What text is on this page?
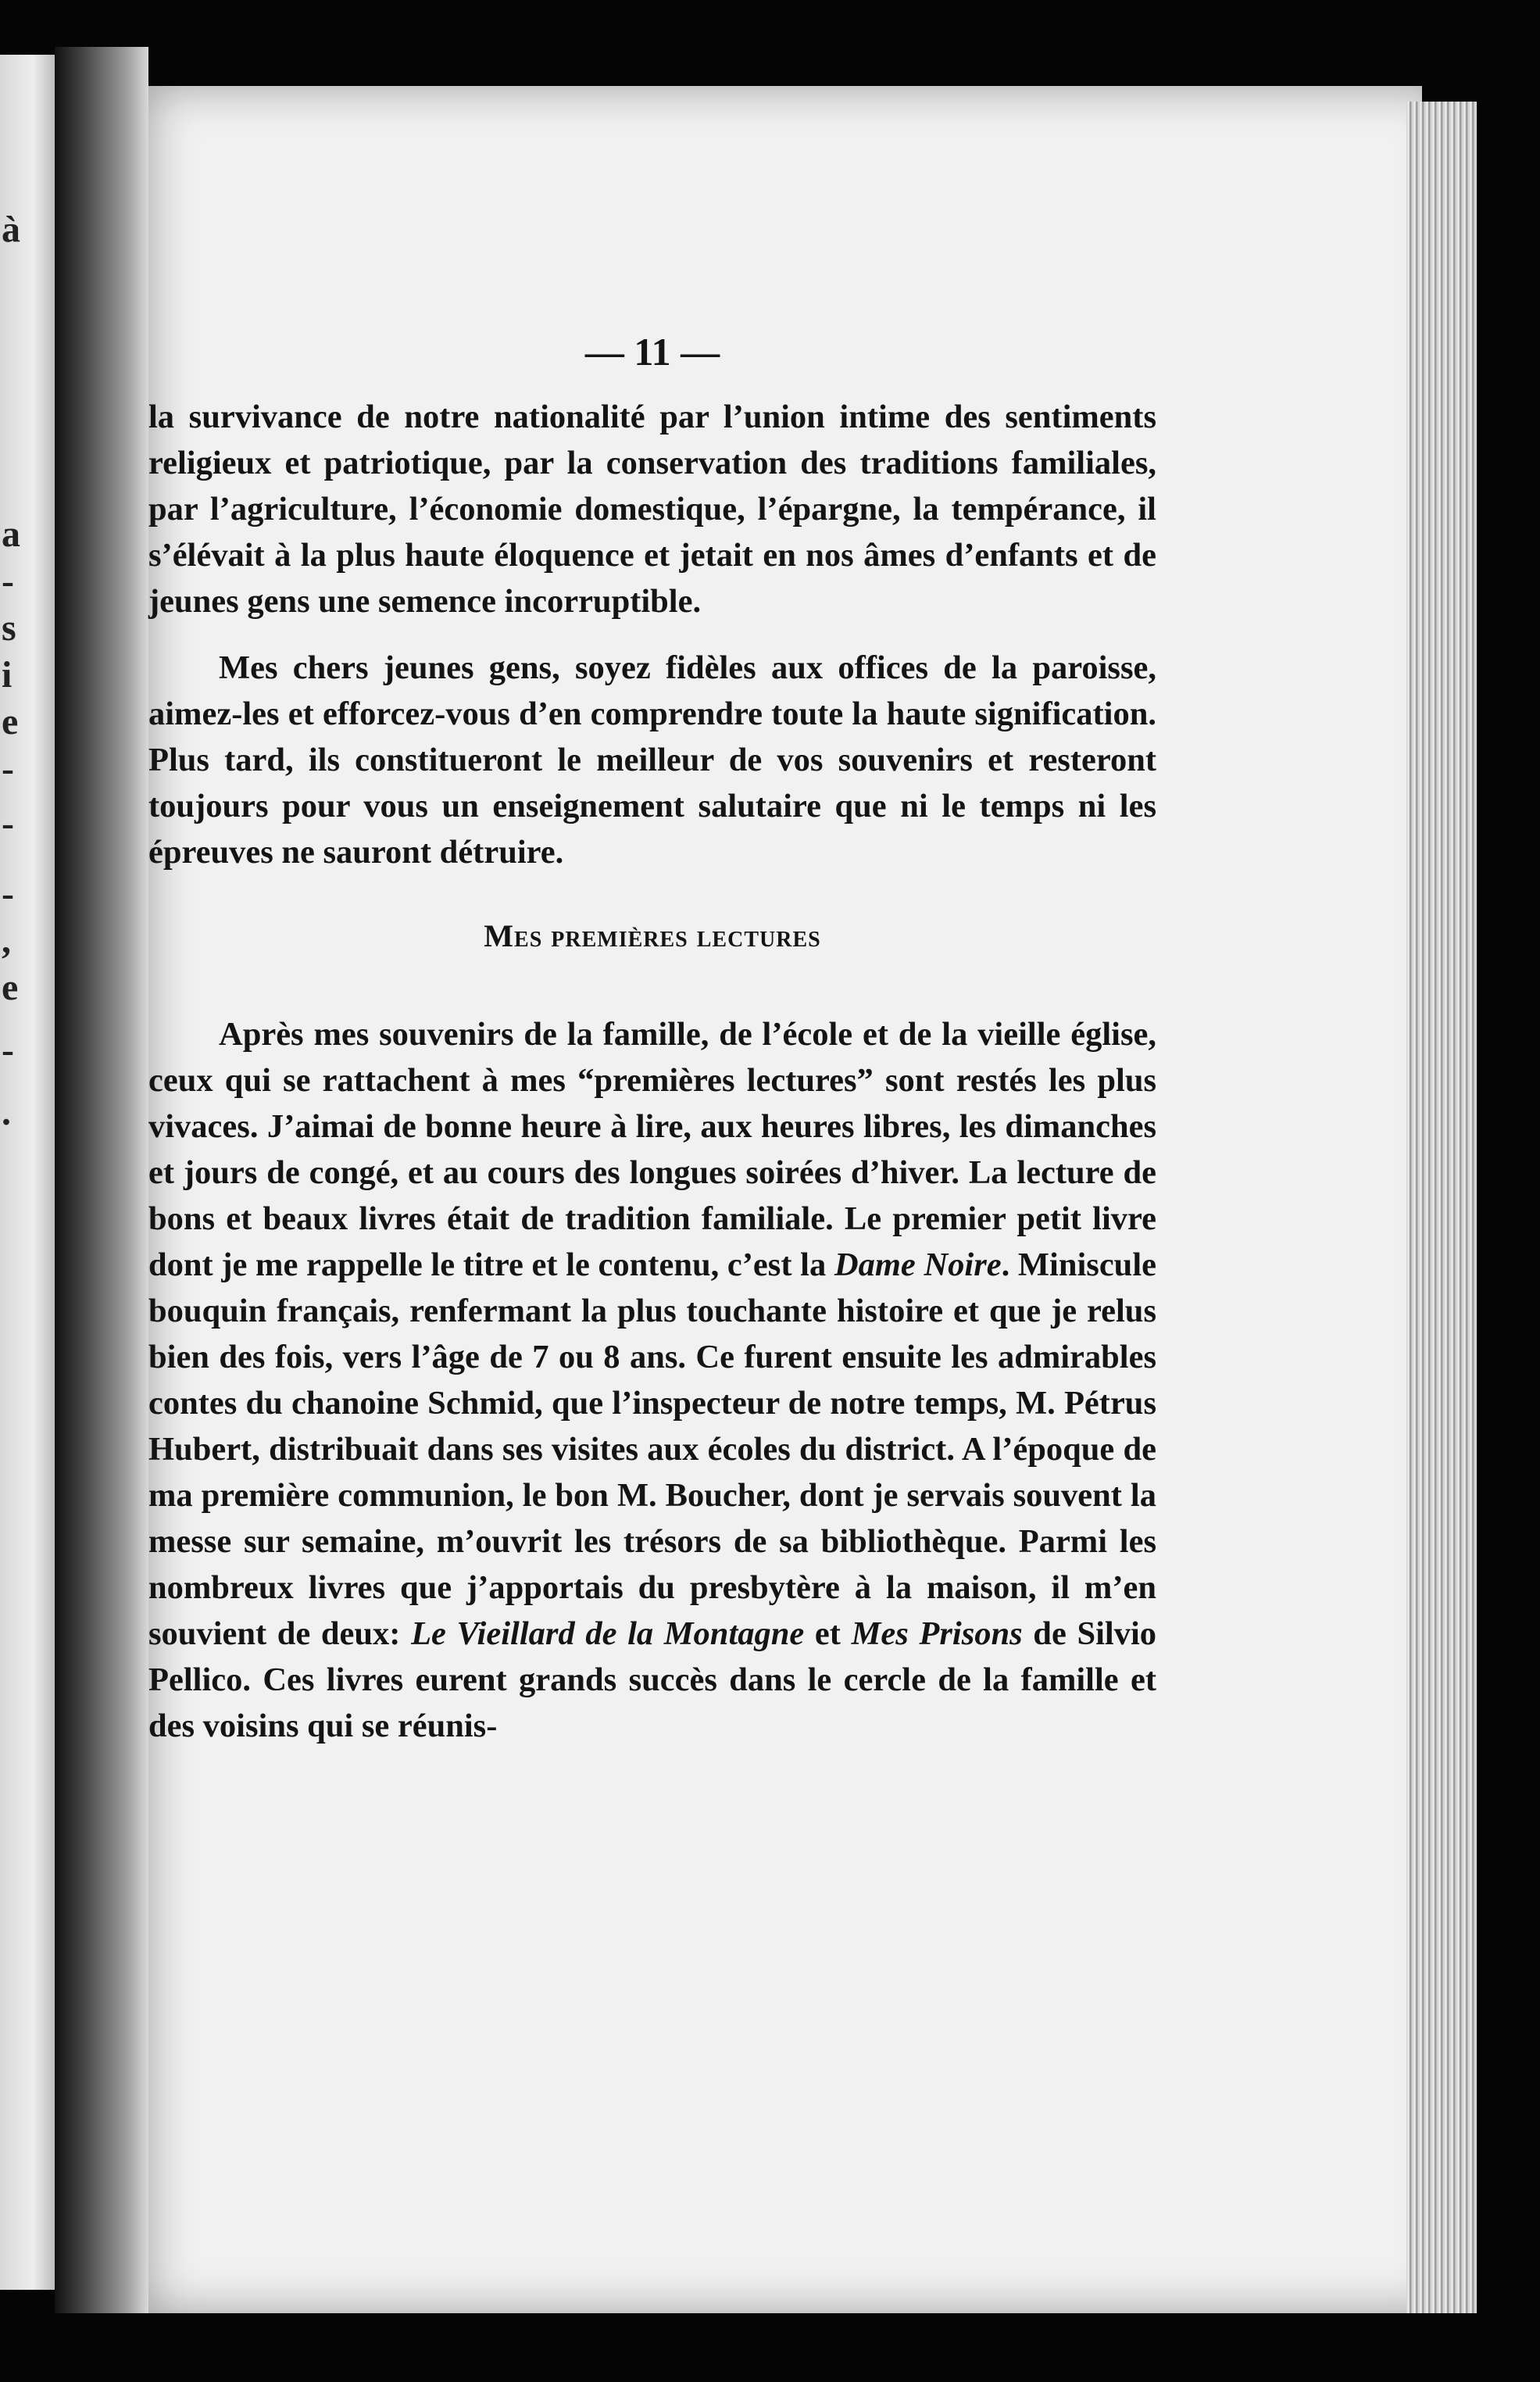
à
a
-
s
i
e
-
-
-
,
e
-
.
— 11 —

la survivance de notre nationalité par l’union intime des sentiments religieux et patriotique, par la conservation des traditions familiales, par l’agriculture, l’économie domestique, l’épargne, la tempérance, il s’élévait à la plus haute éloquence et jetait en nos âmes d’enfants et de jeunes gens une semence incorruptible.

Mes chers jeunes gens, soyez fidèles aux offices de la paroisse, aimez-les et efforcez-vous d’en comprendre toute la haute signification. Plus tard, ils constitueront le meilleur de vos souvenirs et resteront toujours pour vous un enseignement salutaire que ni le temps ni les épreuves ne sauront détruire.

Mes premières lectures

Après mes souvenirs de la famille, de l’école et de la vieille église, ceux qui se rattachent à mes “premières lectures” sont restés les plus vivaces. J’aimai de bonne heure à lire, aux heures libres, les dimanches et jours de congé, et au cours des longues soirées d’hiver. La lecture de bons et beaux livres était de tradition familiale. Le premier petit livre dont je me rappelle le titre et le contenu, c’est la Dame Noire. Miniscule bouquin français, renfermant la plus touchante histoire et que je relus bien des fois, vers l’âge de 7 ou 8 ans. Ce furent ensuite les admirables contes du chanoine Schmid, que l’inspecteur de notre temps, M. Pétrus Hubert, distribuait dans ses visites aux écoles du district. A l’époque de ma première communion, le bon M. Boucher, dont je servais souvent la messe sur semaine, m’ouvrit les trésors de sa bibliothèque. Parmi les nombreux livres que j’apportais du presbytère à la maison, il m’en souvient de deux: Le Vieillard de la Montagne et Mes Prisons de Silvio Pellico. Ces livres eurent grands succès dans le cercle de la famille et des voisins qui se réunis-
